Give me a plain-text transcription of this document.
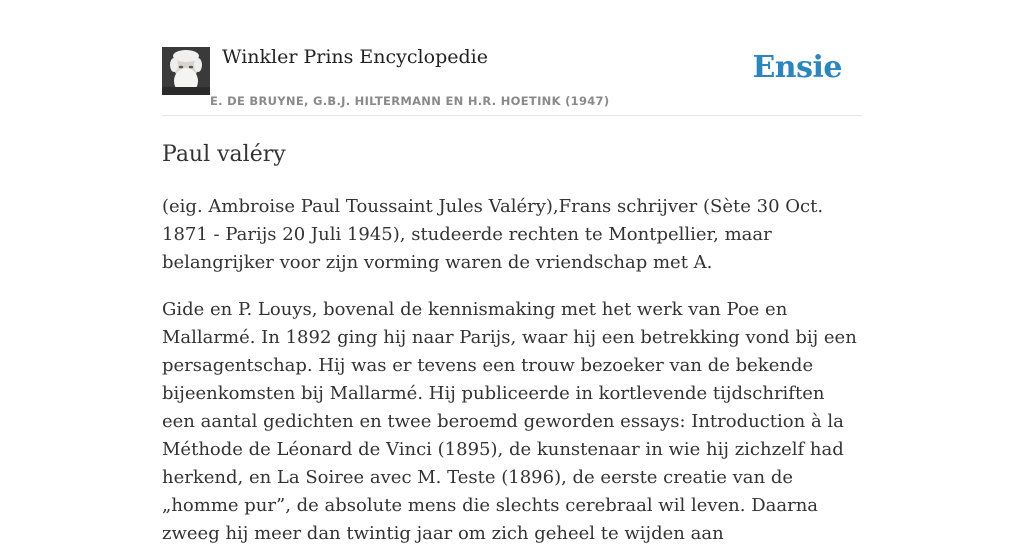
Winkler Prins Encyclopedie
E. DE BRUYNE, G.B.J. HILTERMANN EN H.R. HOETINK (1947)
Ensie
Paul valéry

(eig. Ambroise Paul Toussaint Jules Valéry),Frans schrijver (Sète 30 Oct. 1871 - Parijs 20 Juli 1945), studeerde rechten te Montpellier, maar belangrijker voor zijn vorming waren de vriendschap met A.

Gide en P. Louys, bovenal de kennismaking met het werk van Poe en Mallarmé. In 1892 ging hij naar Parijs, waar hij een betrekking vond bij een persagentschap. Hij was er tevens een trouw bezoeker van de bekende bijeenkomsten bij Mallarmé. Hij publiceerde in kortlevende tijdschriften een aantal gedichten en twee beroemd geworden essays: Introduction à la Méthode de Léonard de Vinci (1895), de kunstenaar in wie hij zichzelf had herkend, en La Soiree avec M. Teste (1896), de eerste creatie van de „homme pur”, de absolute mens die slechts cerebraal wil leven. Daarna zweeg hij meer dan twintig jaar om zich geheel te wijden aan
